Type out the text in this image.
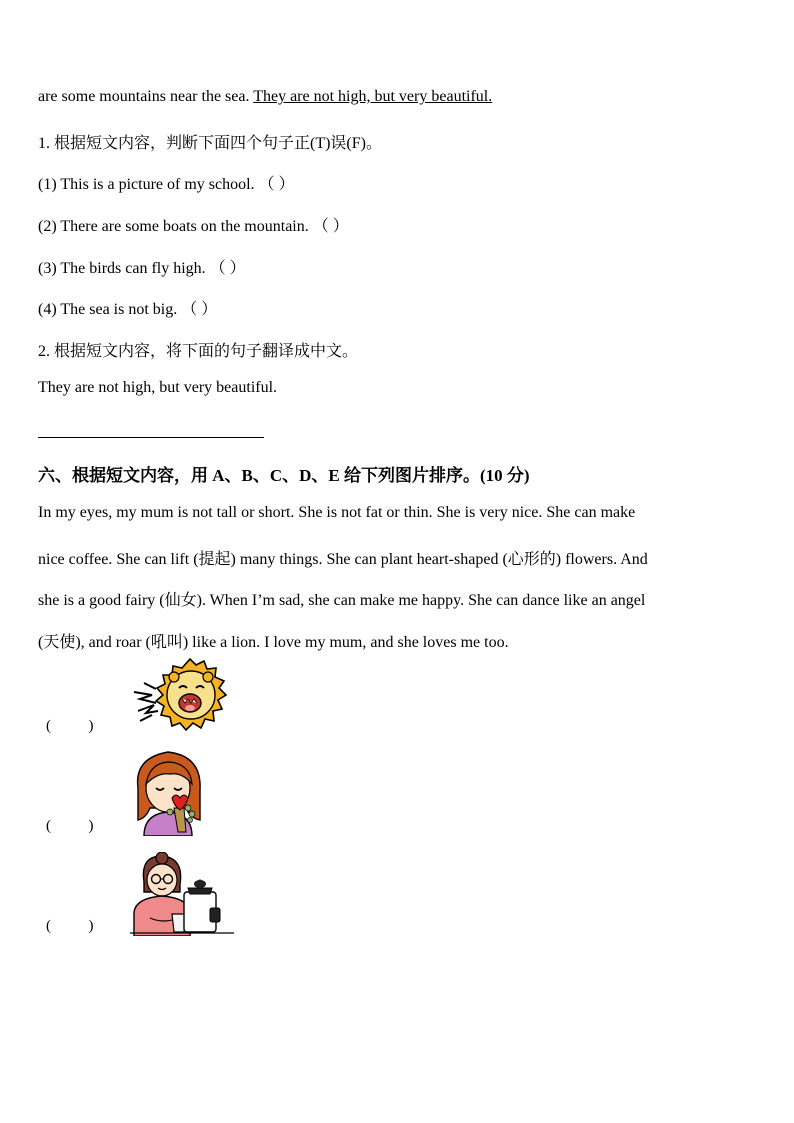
are some mountains near the sea. They are not high, but very beautiful.
1. 根据短文内容，判断下面四个句子正(T)误(F)。
(1) This is a picture of my school. （ ）
(2) There are some boats on the mountain. （ ）
(3) The birds can fly high. （ ）
(4) The sea is not big. （ ）
2. 根据短文内容，将下面的句子翻译成中文。
They are not high, but very beautiful.
六、根据短文内容，用 A、B、C、D、E 给下列图片排序。(10 分)
In my eyes, my mum is not tall or short. She is not fat or thin. She is very nice. She can make
nice coffee. She can lift (提起) many things. She can plant heart-shaped (心形的) flowers. And
she is a good fairy (仙女). When I’m sad, she can make me happy. She can dance like an angel
(天使), and roar (吼叫) like a lion. I love my mum, and she loves me too.
(          )
(          )
(          )
